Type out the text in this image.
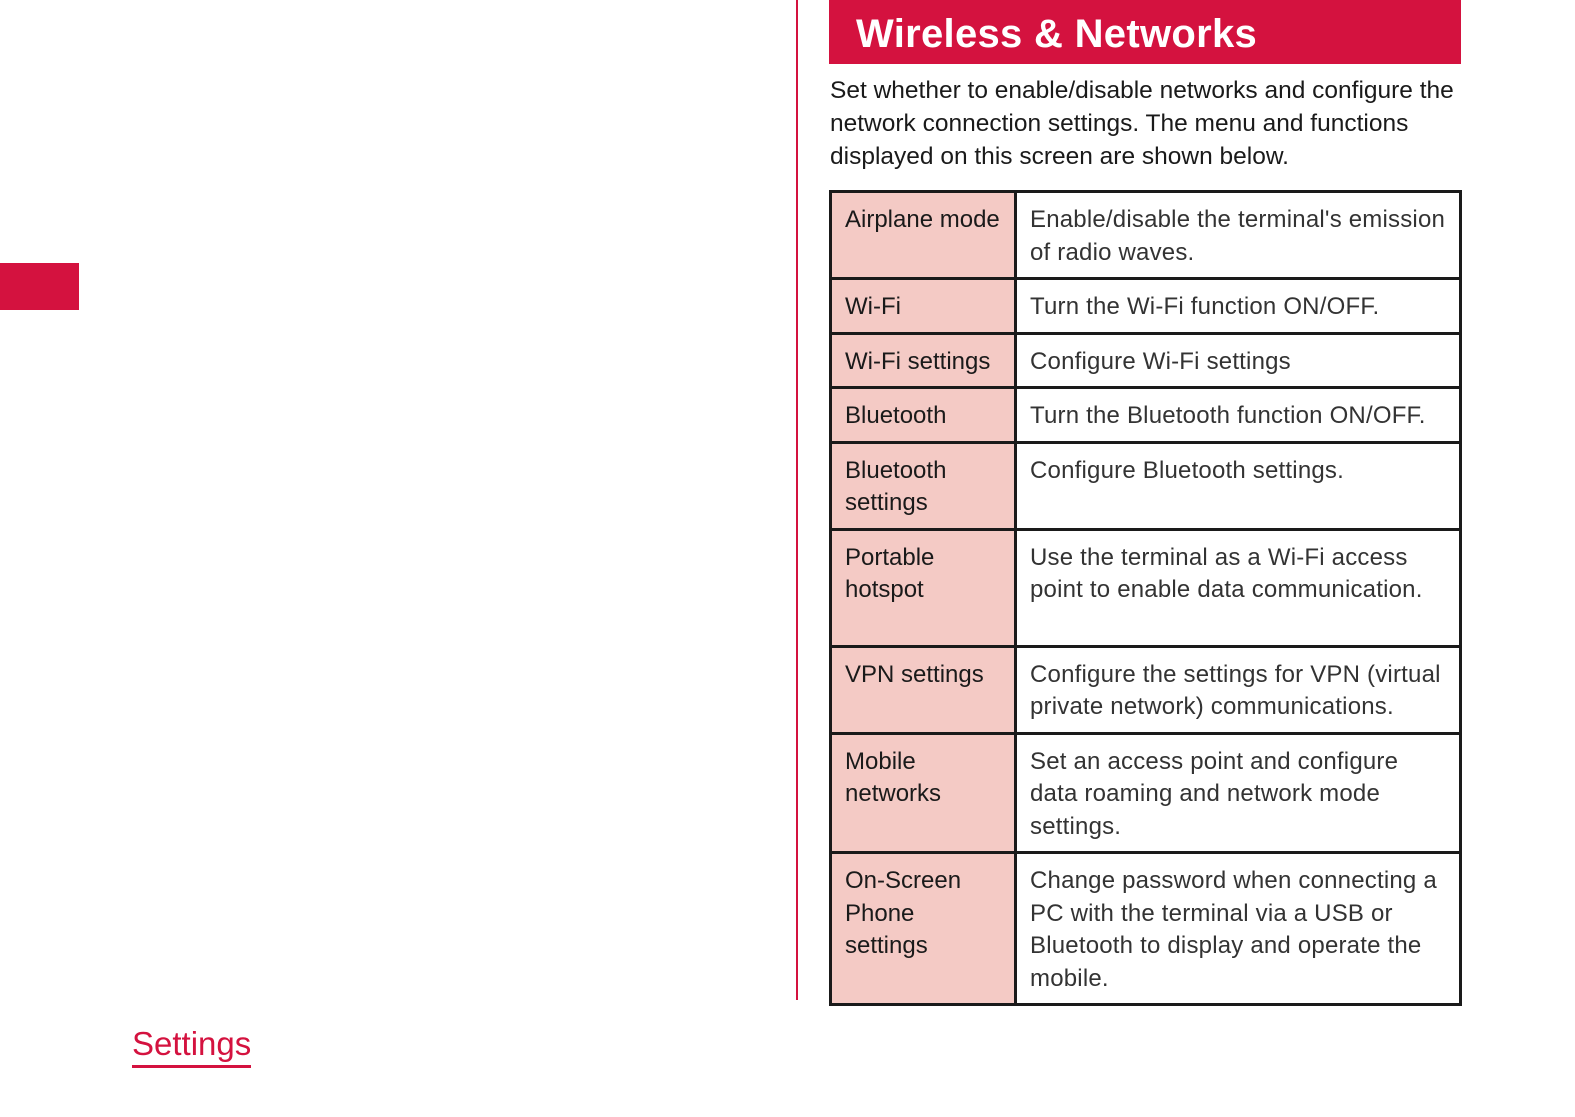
Settings
Wireless & Networks
Set whether to enable/disable networks and configure the network connection settings. The menu and functions displayed on this screen are shown below.
Airplane mode	Enable/disable the terminal's emission of radio waves.
Wi-Fi	Turn the Wi-Fi function ON/OFF.
Wi-Fi settings	Configure Wi-Fi settings
Bluetooth	Turn the Bluetooth function ON/OFF.
Bluetooth settings	Configure Bluetooth settings.
Portable hotspot	Use the terminal as a Wi-Fi access point to enable data communication.
VPN settings	Configure the settings for VPN (virtual private network) communications.
Mobile networks	Set an access point and configure data roaming and network mode settings.
On-Screen Phone settings	Change password when connecting a PC with the terminal via a USB or Bluetooth to display and operate the mobile.
